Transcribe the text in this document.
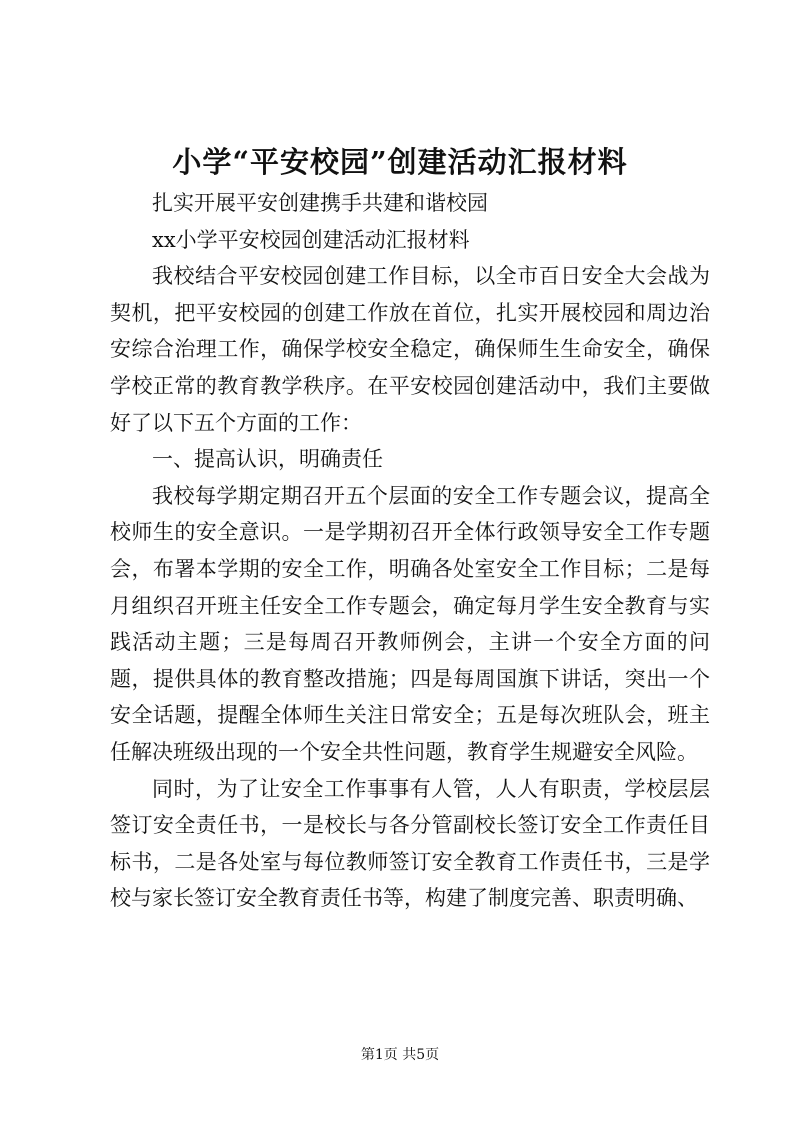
小学“平安校园”创建活动汇报材料

扎实开展平安创建携手共建和谐校园

xx小学平安校园创建活动汇报材料

我校结合平安校园创建工作目标，以全市百日安全大会战为契机，把平安校园的创建工作放在首位，扎实开展校园和周边治安综合治理工作，确保学校安全稳定，确保师生生命安全，确保学校正常的教育教学秩序。在平安校园创建活动中，我们主要做好了以下五个方面的工作：

一、提高认识，明确责任

我校每学期定期召开五个层面的安全工作专题会议，提高全校师生的安全意识。一是学期初召开全体行政领导安全工作专题会，布署本学期的安全工作，明确各处室安全工作目标；二是每月组织召开班主任安全工作专题会，确定每月学生安全教育与实践活动主题；三是每周召开教师例会，主讲一个安全方面的问题，提供具体的教育整改措施；四是每周国旗下讲话，突出一个安全话题，提醒全体师生关注日常安全；五是每次班队会，班主任解决班级出现的一个安全共性问题，教育学生规避安全风险。

同时，为了让安全工作事事有人管，人人有职责，学校层层签订安全责任书，一是校长与各分管副校长签订安全工作责任目标书，二是各处室与每位教师签订安全教育工作责任书，三是学校与家长签订安全教育责任书等，构建了制度完善、职责明确、

第1页 共5页
